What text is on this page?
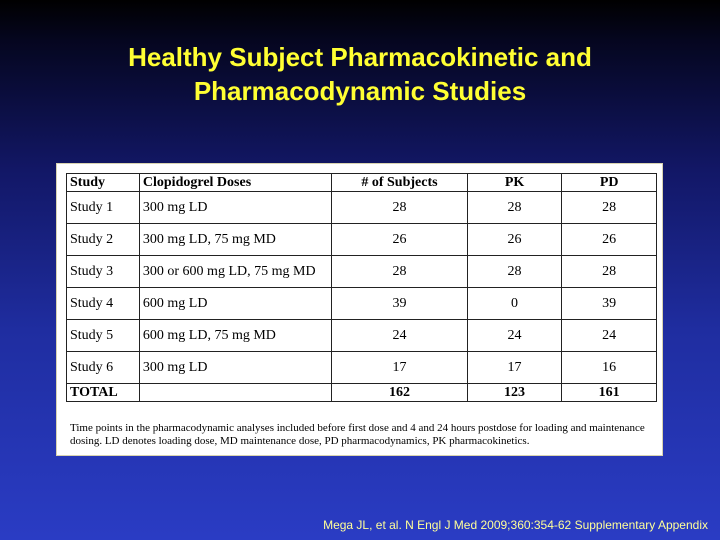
Healthy Subject Pharmacokinetic and
Pharmacodynamic Studies
Study	Clopidogrel Doses	# of Subjects	PK	PD
Study 1	300 mg LD	28	28	28
Study 2	300 mg LD, 75 mg MD	26	26	26
Study 3	300 or 600 mg LD, 75 mg MD	28	28	28
Study 4	600 mg LD	39	0	39
Study 5	600 mg LD, 75 mg MD	24	24	24
Study 6	300 mg LD	17	17	16
TOTAL		162	123	161
Time points in the pharmacodynamic analyses included before first dose and 4 and 24 hours postdose for loading and maintenance dosing. LD denotes loading dose, MD maintenance dose, PD pharmacodynamics, PK pharmacokinetics.
Mega JL, et al. N Engl J Med 2009;360:354-62 Supplementary Appendix
